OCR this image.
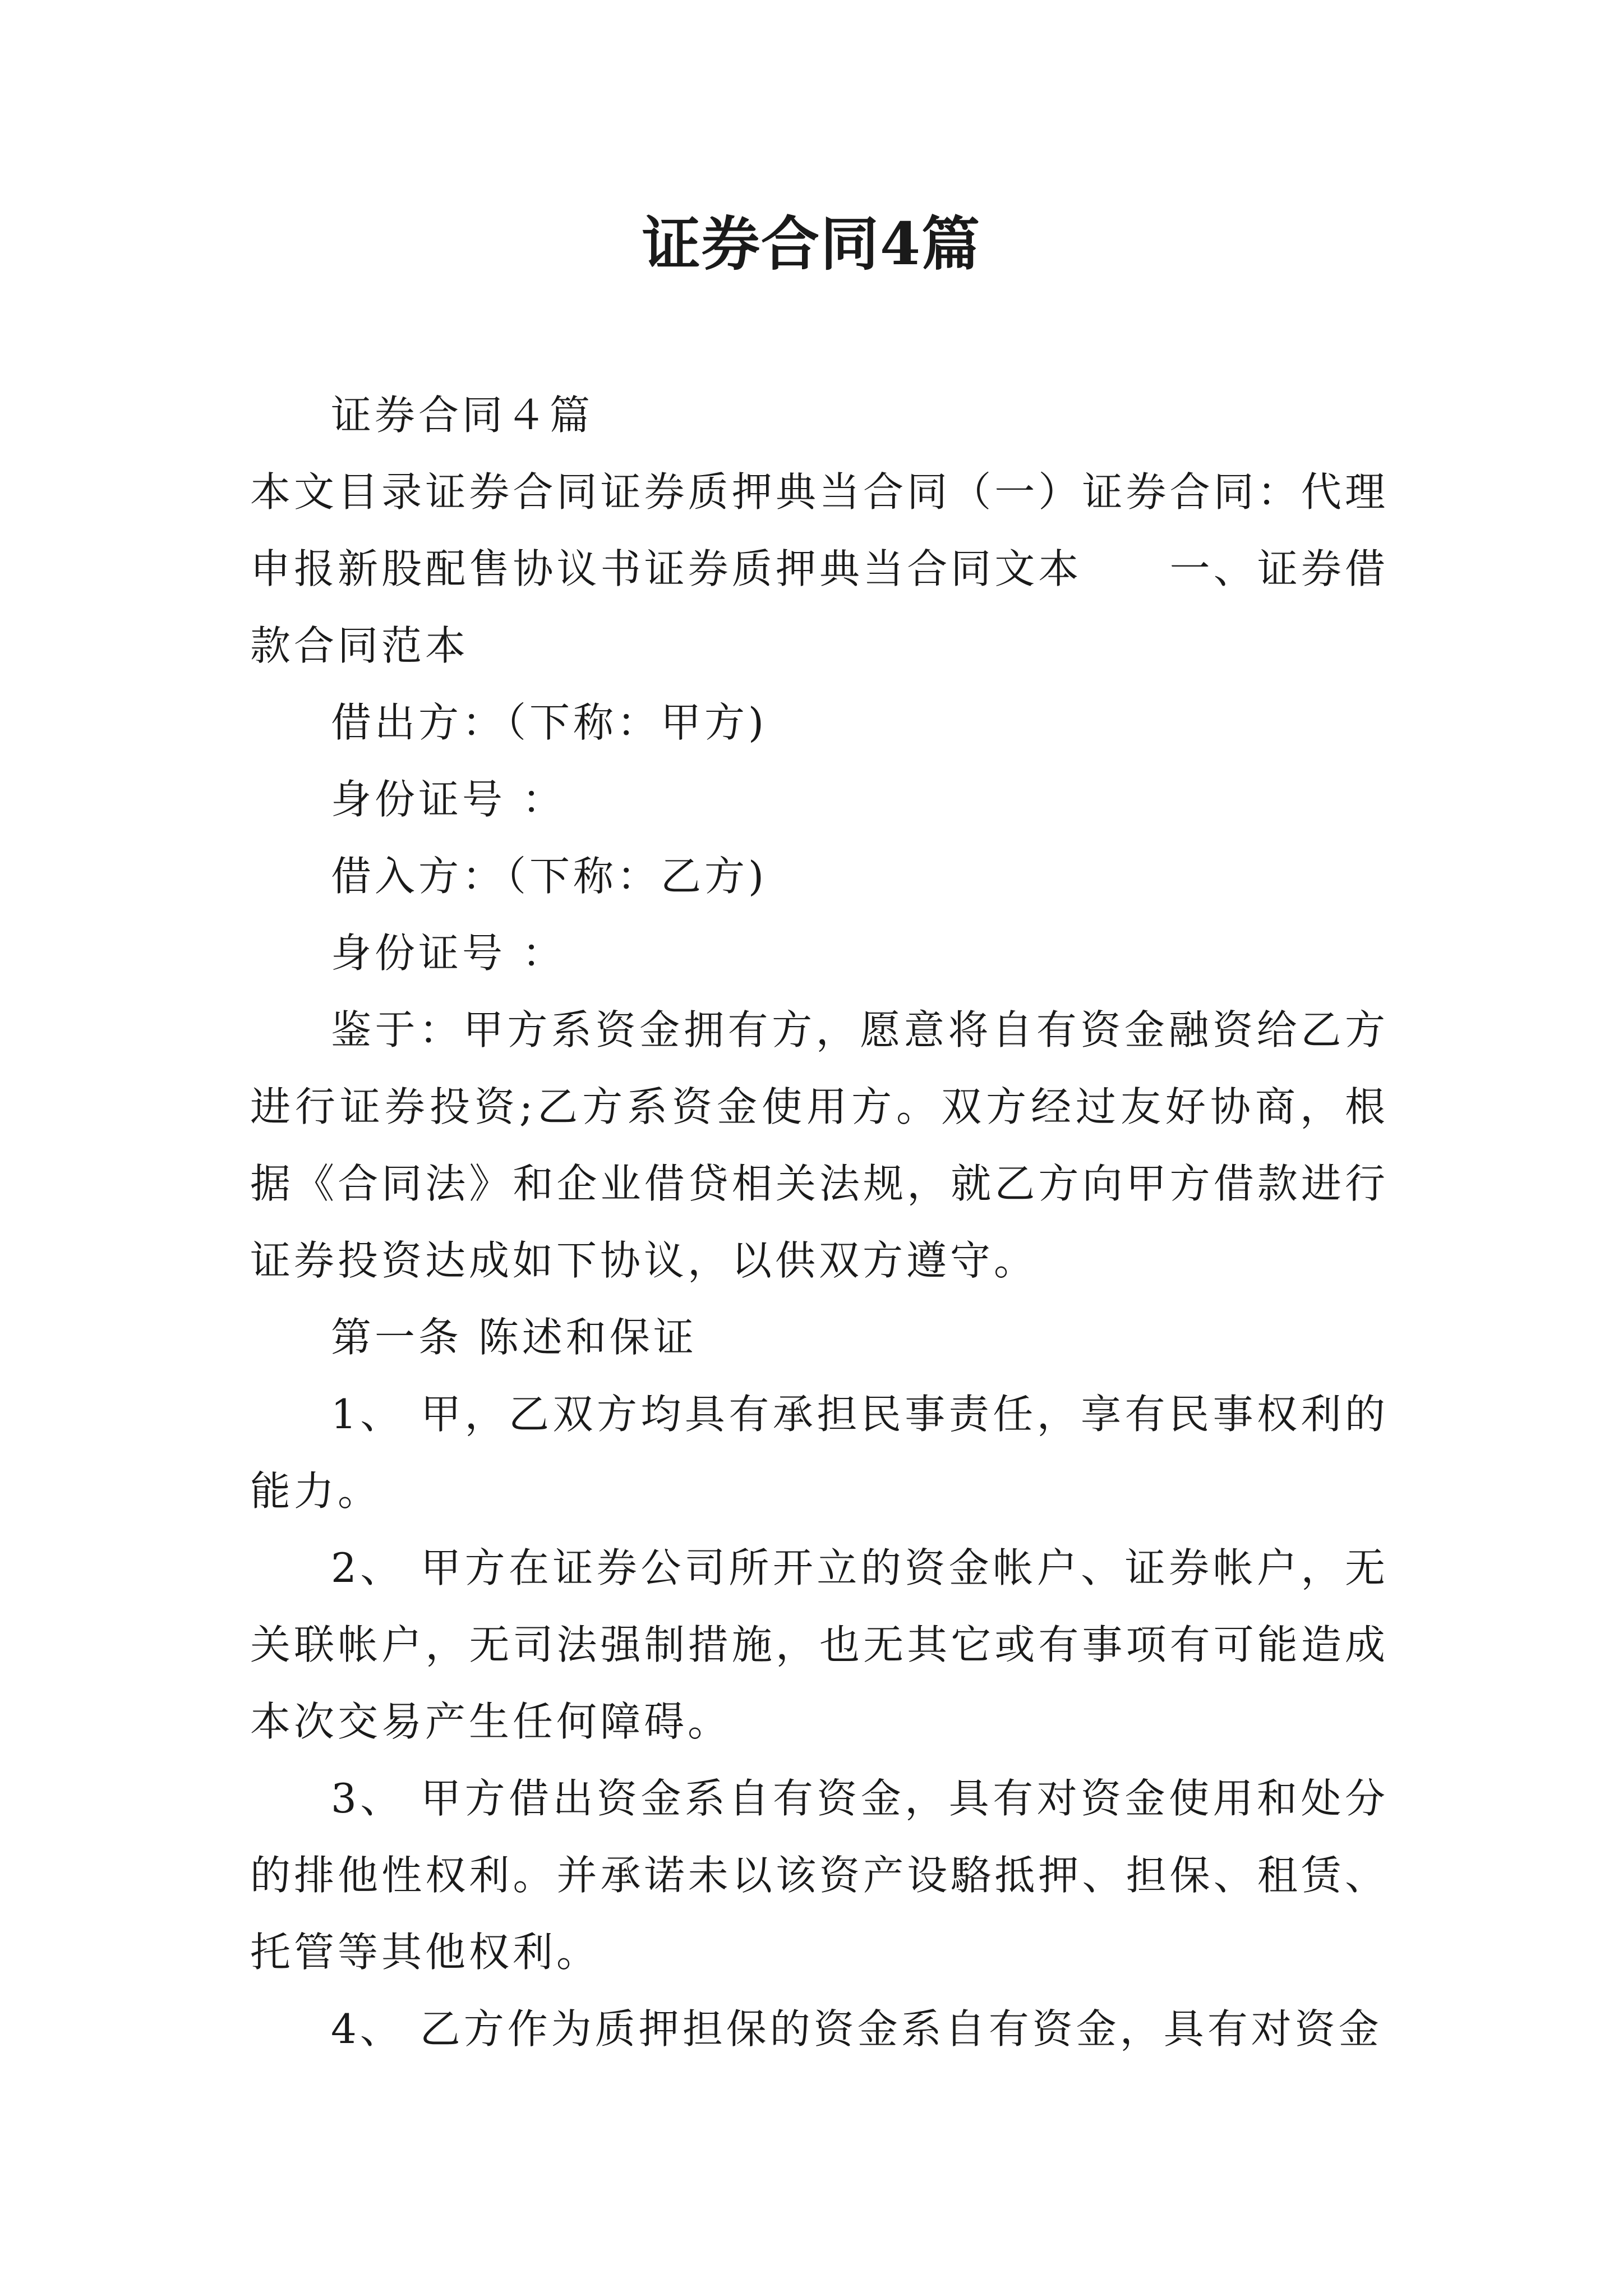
证券合同4篇

证券合同４篇

本文目录证券合同证券质押典当合同（一）证券合同：代理申报新股配售协议书证券质押典当合同文本　　一、证券借款合同范本

借出方：（下称：甲方)

身份证号 ：

借入方：（下称：乙方)

身份证号 ：

鉴于：甲方系资金拥有方，愿意将自有资金融资给乙方进行证券投资;乙方系资金使用方。双方经过友好协商，根据《合同法》和企业借贷相关法规，就乙方向甲方借款进行证券投资达成如下协议，以供双方遵守。

第一条 陈述和保证

1、 甲，乙双方均具有承担民事责任，享有民事权利的能力。

2、 甲方在证券公司所开立的资金帐户、证券帐户，无关联帐户，无司法强制措施，也无其它或有事项有可能造成本次交易产生任何障碍。

3、 甲方借出资金系自有资金，具有对资金使用和处分的排他性权利。并承诺未以该资产设駱抵押、担保、租赁、托管等其他权利。

4、 乙方作为质押担保的资金系自有资金，具有对资金
